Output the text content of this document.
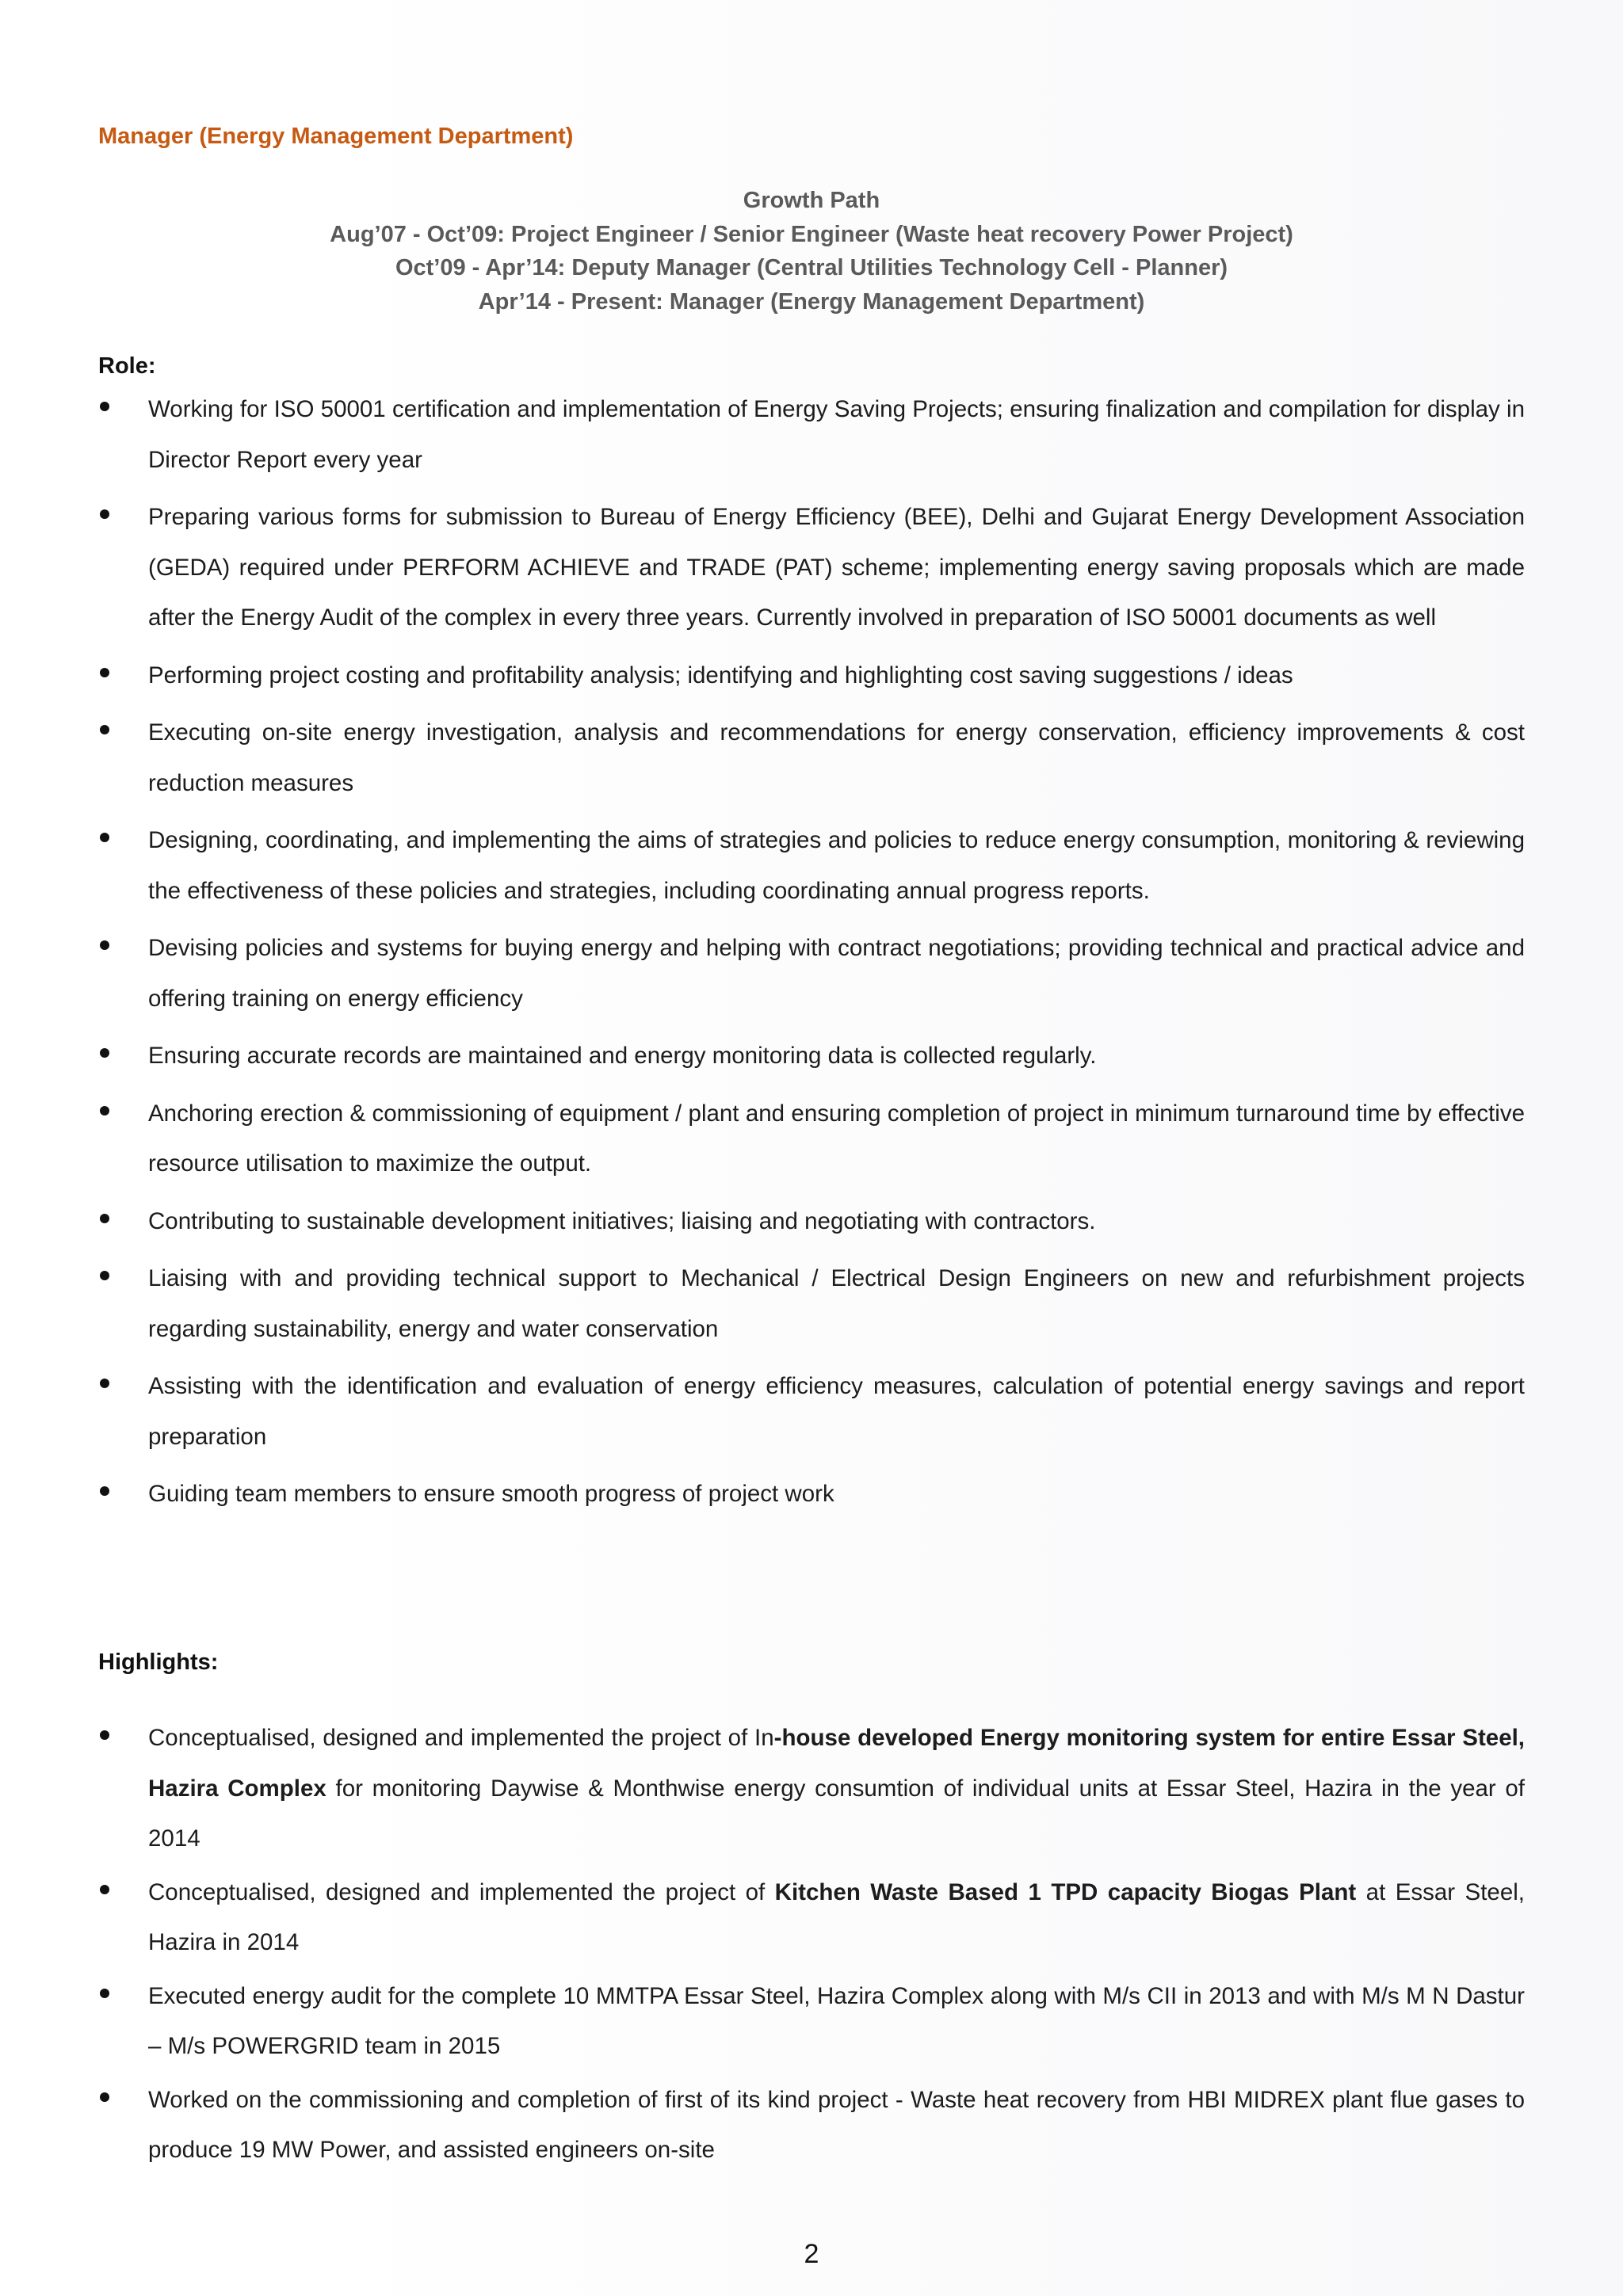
Manager (Energy Management Department)
Growth Path
Aug’07 - Oct’09: Project Engineer / Senior Engineer (Waste heat recovery Power Project)
Oct’09 - Apr’14: Deputy Manager (Central Utilities Technology Cell - Planner)
Apr’14 - Present: Manager (Energy Management Department)
Role:
Working for ISO 50001 certification and implementation of Energy Saving Projects; ensuring finalization and compilation for display in Director Report every year
Preparing various forms for submission to Bureau of Energy Efficiency (BEE), Delhi and Gujarat Energy Development Association (GEDA) required under PERFORM ACHIEVE and TRADE (PAT) scheme; implementing energy saving proposals which are made after the Energy Audit of the complex in every three years. Currently involved in preparation of ISO 50001 documents as well
Performing project costing and profitability analysis; identifying and highlighting cost saving suggestions / ideas
Executing on-site energy investigation, analysis and recommendations for energy conservation, efficiency improvements & cost reduction measures
Designing, coordinating, and implementing the aims of strategies and policies to reduce energy consumption, monitoring & reviewing the effectiveness of these policies and strategies, including coordinating annual progress reports.
Devising policies and systems for buying energy and helping with contract negotiations; providing technical and practical advice and offering training on energy efficiency
Ensuring accurate records are maintained and energy monitoring data is collected regularly.
Anchoring erection & commissioning of equipment / plant and ensuring completion of project in minimum turnaround time by effective resource utilisation to maximize the output.
Contributing to sustainable development initiatives; liaising and negotiating with contractors.
Liaising with and providing technical support to Mechanical / Electrical Design Engineers on new and refurbishment projects regarding sustainability, energy and water conservation
Assisting with the identification and evaluation of energy efficiency measures, calculation of potential energy savings and report preparation
Guiding team members to ensure smooth progress of project work
Highlights:
Conceptualised, designed and implemented the project of In-house developed Energy monitoring system for entire Essar Steel, Hazira Complex for monitoring Daywise & Monthwise energy consumtion of individual units at Essar Steel, Hazira in the year of 2014
Conceptualised, designed and implemented the project of Kitchen Waste Based 1 TPD capacity Biogas Plant at Essar Steel, Hazira in 2014
Executed energy audit for the complete 10 MMTPA Essar Steel, Hazira Complex along with M/s CII in 2013 and with M/s M N Dastur – M/s POWERGRID team in 2015
Worked on the commissioning and completion of first of its kind project - Waste heat recovery from HBI MIDREX plant flue gases to produce 19 MW Power, and assisted engineers on-site
2
